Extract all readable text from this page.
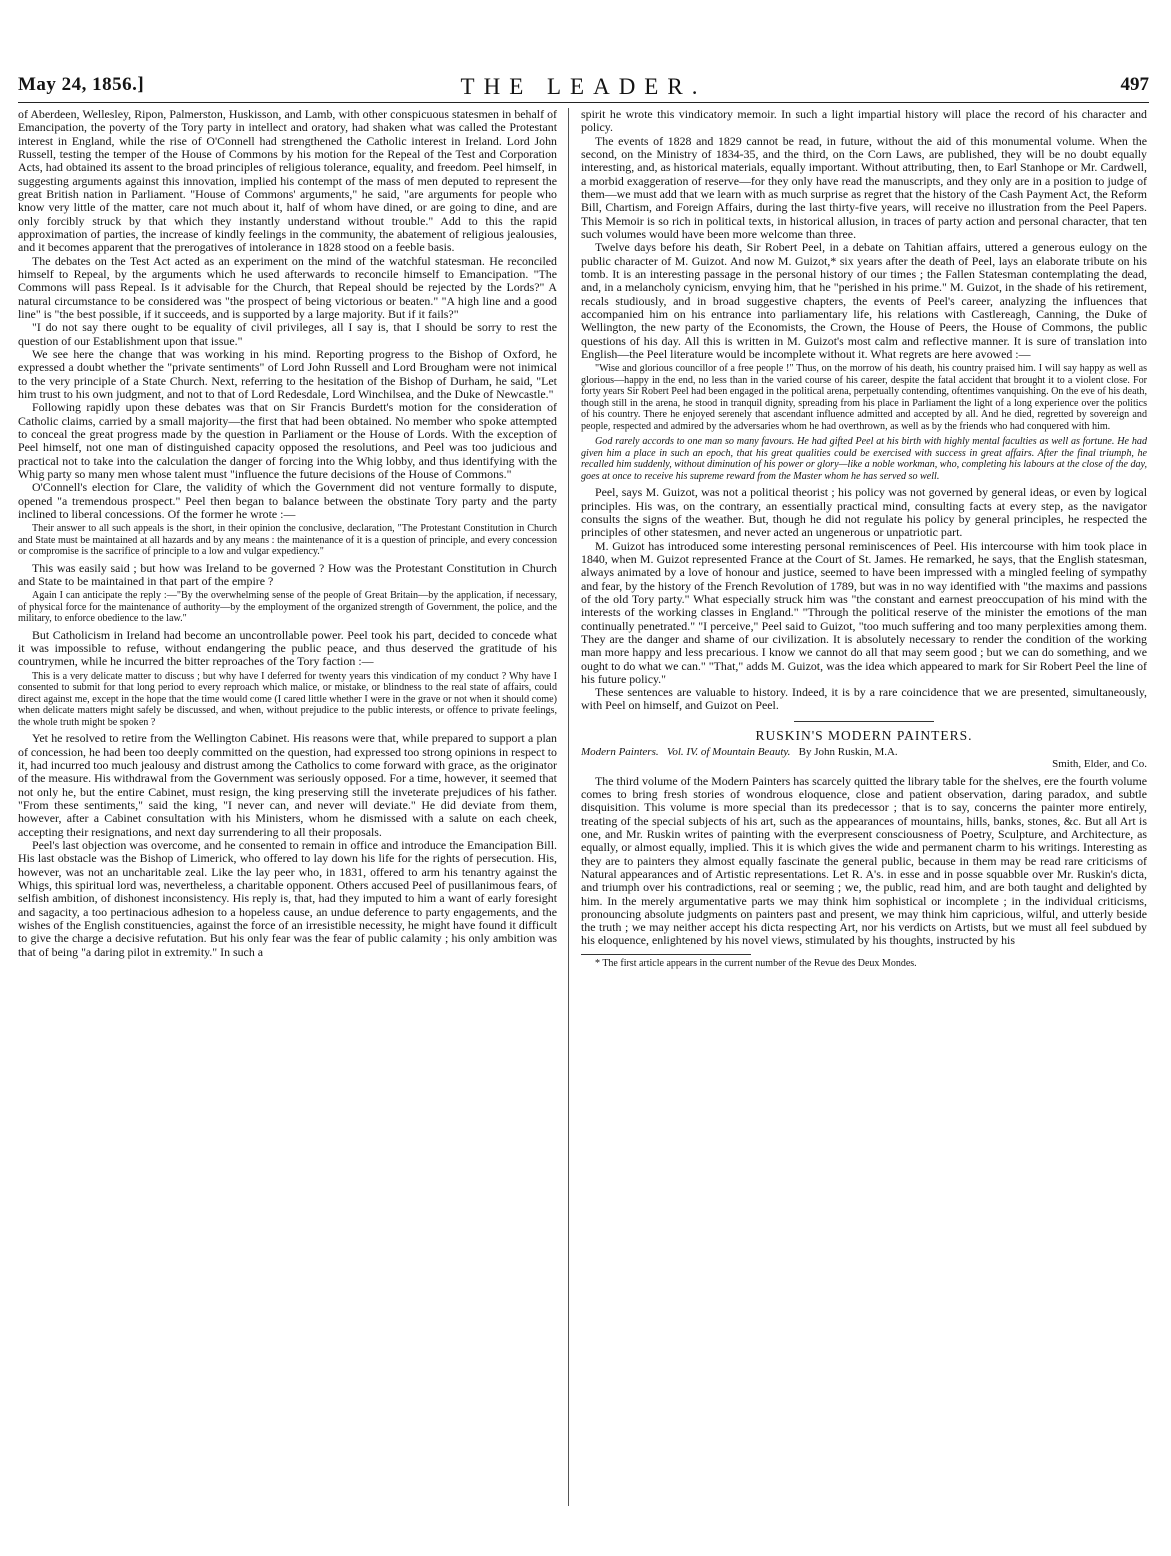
May 24, 1856.]	THE LEADER.	497

of Aberdeen, Wellesley, Ripon, Palmerston, Huskisson, and Lamb, with other conspicuous statesmen in behalf of Emancipation, the poverty of the Tory party in intellect and oratory, had shaken what was called the Protestant interest in England, while the rise of O'Connell had strengthened the Catholic interest in Ireland. Lord John Russell, testing the temper of the House of Commons by his motion for the Repeal of the Test and Corporation Acts, had obtained its assent to the broad principles of religious tolerance, equality, and freedom. Peel himself, in suggesting arguments against this innovation, implied his contempt of the mass of men deputed to represent the great British nation in Parliament. "House of Commons' arguments," he said, "are arguments for people who know very little of the matter, care not much about it, half of whom have dined, or are going to dine, and are only forcibly struck by that which they instantly understand without trouble." Add to this the rapid approximation of parties, the increase of kindly feelings in the community, the abatement of religious jealousies, and it becomes apparent that the prerogatives of intolerance in 1828 stood on a feeble basis.

The debates on the Test Act acted as an experiment on the mind of the watchful statesman. He reconciled himself to Repeal, by the arguments which he used afterwards to reconcile himself to Emancipation. "The Commons will pass Repeal. Is it advisable for the Church, that Repeal should be rejected by the Lords?" A natural circumstance to be considered was "the prospect of being victorious or beaten." "A high line and a good line" is "the best possible, if it succeeds, and is supported by a large majority. But if it fails?"

"I do not say there ought to be equality of civil privileges, all I say is, that I should be sorry to rest the question of our Establishment upon that issue."

We see here the change that was working in his mind. Reporting progress to the Bishop of Oxford, he expressed a doubt whether the "private sentiments" of Lord John Russell and Lord Brougham were not inimical to the very principle of a State Church. Next, referring to the hesitation of the Bishop of Durham, he said, "Let him trust to his own judgment, and not to that of Lord Redesdale, Lord Winchilsea, and the Duke of Newcastle."

Following rapidly upon these debates was that on Sir Francis Burdett's motion for the consideration of Catholic claims, carried by a small majority—the first that had been obtained. No member who spoke attempted to conceal the great progress made by the question in Parliament or the House of Lords. With the exception of Peel himself, not one man of distinguished capacity opposed the resolutions, and Peel was too judicious and practical not to take into the calculation the danger of forcing into the Whig lobby, and thus identifying with the Whig party so many men whose talent must "influence the future decisions of the House of Commons."

O'Connell's election for Clare, the validity of which the Government did not venture formally to dispute, opened "a tremendous prospect." Peel then began to balance between the obstinate Tory party and the party inclined to liberal concessions. Of the former he wrote :—

Their answer to all such appeals is the short, in their opinion the conclusive, declaration, "The Protestant Constitution in Church and State must be maintained at all hazards and by any means : the maintenance of it is a question of principle, and every concession or compromise is the sacrifice of principle to a low and vulgar expediency."

This was easily said ; but how was Ireland to be governed ? How was the Protestant Constitution in Church and State to be maintained in that part of the empire ?

Again I can anticipate the reply :—"By the overwhelming sense of the people of Great Britain—by the application, if necessary, of physical force for the maintenance of authority—by the employment of the organized strength of Government, the police, and the military, to enforce obedience to the law."

But Catholicism in Ireland had become an uncontrollable power. Peel took his part, decided to concede what it was impossible to refuse, without endangering the public peace, and thus deserved the gratitude of his countrymen, while he incurred the bitter reproaches of the Tory faction :—

This is a very delicate matter to discuss ; but why have I deferred for twenty years this vindication of my conduct ? Why have I consented to submit for that long period to every reproach which malice, or mistake, or blindness to the real state of affairs, could direct against me, except in the hope that the time would come (I cared little whether I were in the grave or not when it should come) when delicate matters might safely be discussed, and when, without prejudice to the public interests, or offence to private feelings, the whole truth might be spoken ?

Yet he resolved to retire from the Wellington Cabinet. His reasons were that, while prepared to support a plan of concession, he had been too deeply committed on the question, had expressed too strong opinions in respect to it, had incurred too much jealousy and distrust among the Catholics to come forward with grace, as the originator of the measure. His withdrawal from the Government was seriously opposed. For a time, however, it seemed that not only he, but the entire Cabinet, must resign, the king preserving still the inveterate prejudices of his father. "From these sentiments," said the king, "I never can, and never will deviate." He did deviate from them, however, after a Cabinet consultation with his Ministers, whom he dismissed with a salute on each cheek, accepting their resignations, and next day surrendering to all their proposals.

Peel's last objection was overcome, and he consented to remain in office and introduce the Emancipation Bill. His last obstacle was the Bishop of Limerick, who offered to lay down his life for the rights of persecution. His, however, was not an uncharitable zeal. Like the lay peer who, in 1831, offered to arm his tenantry against the Whigs, this spiritual lord was, nevertheless, a charitable opponent. Others accused Peel of pusillanimous fears, of selfish ambition, of dishonest inconsistency. His reply is, that, had they imputed to him a want of early foresight and sagacity, a too pertinacious adhesion to a hopeless cause, an undue deference to party engagements, and the wishes of the English constituencies, against the force of an irresistible necessity, he might have found it difficult to give the charge a decisive refutation. But his only fear was the fear of public calamity ; his only ambition was that of being "a daring pilot in extremity." In such a

spirit he wrote this vindicatory memoir. In such a light impartial history will place the record of his character and policy.

The events of 1828 and 1829 cannot be read, in future, without the aid of this monumental volume. When the second, on the Ministry of 1834-35, and the third, on the Corn Laws, are published, they will be no doubt equally interesting, and, as historical materials, equally important. Without attributing, then, to Earl Stanhope or Mr. Cardwell, a morbid exaggeration of reserve—for they only have read the manuscripts, and they only are in a position to judge of them—we must add that we learn with as much surprise as regret that the history of the Cash Payment Act, the Reform Bill, Chartism, and Foreign Affairs, during the last thirty-five years, will receive no illustration from the Peel Papers. This Memoir is so rich in political texts, in historical allusion, in traces of party action and personal character, that ten such volumes would have been more welcome than three.

Twelve days before his death, Sir Robert Peel, in a debate on Tahitian affairs, uttered a generous eulogy on the public character of M. Guizot. And now M. Guizot,* six years after the death of Peel, lays an elaborate tribute on his tomb. It is an interesting passage in the personal history of our times ; the Fallen Statesman contemplating the dead, and, in a melancholy cynicism, envying him, that he "perished in his prime." M. Guizot, in the shade of his retirement, recals studiously, and in broad suggestive chapters, the events of Peel's career, analyzing the influences that accompanied him on his entrance into parliamentary life, his relations with Castlereagh, Canning, the Duke of Wellington, the new party of the Economists, the Crown, the House of Peers, the House of Commons, the public questions of his day. All this is written in M. Guizot's most calm and reflective manner. It is sure of translation into English—the Peel literature would be incomplete without it. What regrets are here avowed :—

"Wise and glorious councillor of a free people !" Thus, on the morrow of his death, his country praised him. I will say happy as well as glorious—happy in the end, no less than in the varied course of his career, despite the fatal accident that brought it to a violent close. For forty years Sir Robert Peel had been engaged in the political arena, perpetually contending, oftentimes vanquishing. On the eve of his death, though still in the arena, he stood in tranquil dignity, spreading from his place in Parliament the light of a long experience over the politics of his country. There he enjoyed serenely that ascendant influence admitted and accepted by all. And he died, regretted by sovereign and people, respected and admired by the adversaries whom he had overthrown, as well as by the friends who had conquered with him.

God rarely accords to one man so many favours. He had gifted Peel at his birth with highly mental faculties as well as fortune. He had given him a place in such an epoch, that his great qualities could be exercised with success in great affairs. After the final triumph, he recalled him suddenly, without diminution of his power or glory—like a noble workman, who, completing his labours at the close of the day, goes at once to receive his supreme reward from the Master whom he has served so well.

Peel, says M. Guizot, was not a political theorist ; his policy was not governed by general ideas, or even by logical principles. His was, on the contrary, an essentially practical mind, consulting facts at every step, as the navigator consults the signs of the weather. But, though he did not regulate his policy by general principles, he respected the principles of other statesmen, and never acted an ungenerous or unpatriotic part.

M. Guizot has introduced some interesting personal reminiscences of Peel. His intercourse with him took place in 1840, when M. Guizot represented France at the Court of St. James. He remarked, he says, that the English statesman, always animated by a love of honour and justice, seemed to have been impressed with a mingled feeling of sympathy and fear, by the history of the French Revolution of 1789, but was in no way identified with "the maxims and passions of the old Tory party." What especially struck him was "the constant and earnest preoccupation of his mind with the interests of the working classes in England." "Through the political reserve of the minister the emotions of the man continually penetrated." "I perceive," Peel said to Guizot, "too much suffering and too many perplexities among them. They are the danger and shame of our civilization. It is absolutely necessary to render the condition of the working man more happy and less precarious. I know we cannot do all that may seem good ; but we can do something, and we ought to do what we can." "That," adds M. Guizot, was the idea which appeared to mark for Sir Robert Peel the line of his future policy."

These sentences are valuable to history. Indeed, it is by a rare coincidence that we are presented, simultaneously, with Peel on himself, and Guizot on Peel.

RUSKIN'S MODERN PAINTERS.

Modern Painters. Vol. IV. of Mountain Beauty. By John Ruskin, M.A.

Smith, Elder, and Co.

The third volume of the Modern Painters has scarcely quitted the library table for the shelves, ere the fourth volume comes to bring fresh stories of wondrous eloquence, close and patient observation, daring paradox, and subtle disquisition. This volume is more special than its predecessor ; that is to say, concerns the painter more entirely, treating of the special subjects of his art, such as the appearances of mountains, hills, banks, stones, &c. But all Art is one, and Mr. Ruskin writes of painting with the everpresent consciousness of Poetry, Sculpture, and Architecture, as equally, or almost equally, implied. This it is which gives the wide and permanent charm to his writings. Interesting as they are to painters they almost equally fascinate the general public, because in them may be read rare criticisms of Natural appearances and of Artistic representations. Let R. A's. in esse and in posse squabble over Mr. Ruskin's dicta, and triumph over his contradictions, real or seeming ; we, the public, read him, and are both taught and delighted by him. In the merely argumentative parts we may think him sophistical or incomplete ; in the individual criticisms, pronouncing absolute judgments on painters past and present, we may think him capricious, wilful, and utterly beside the truth ; we may neither accept his dicta respecting Art, nor his verdicts on Artists, but we must all feel subdued by his eloquence, enlightened by his novel views, stimulated by his thoughts, instructed by his

* The first article appears in the current number of the Revue des Deux Mondes.
